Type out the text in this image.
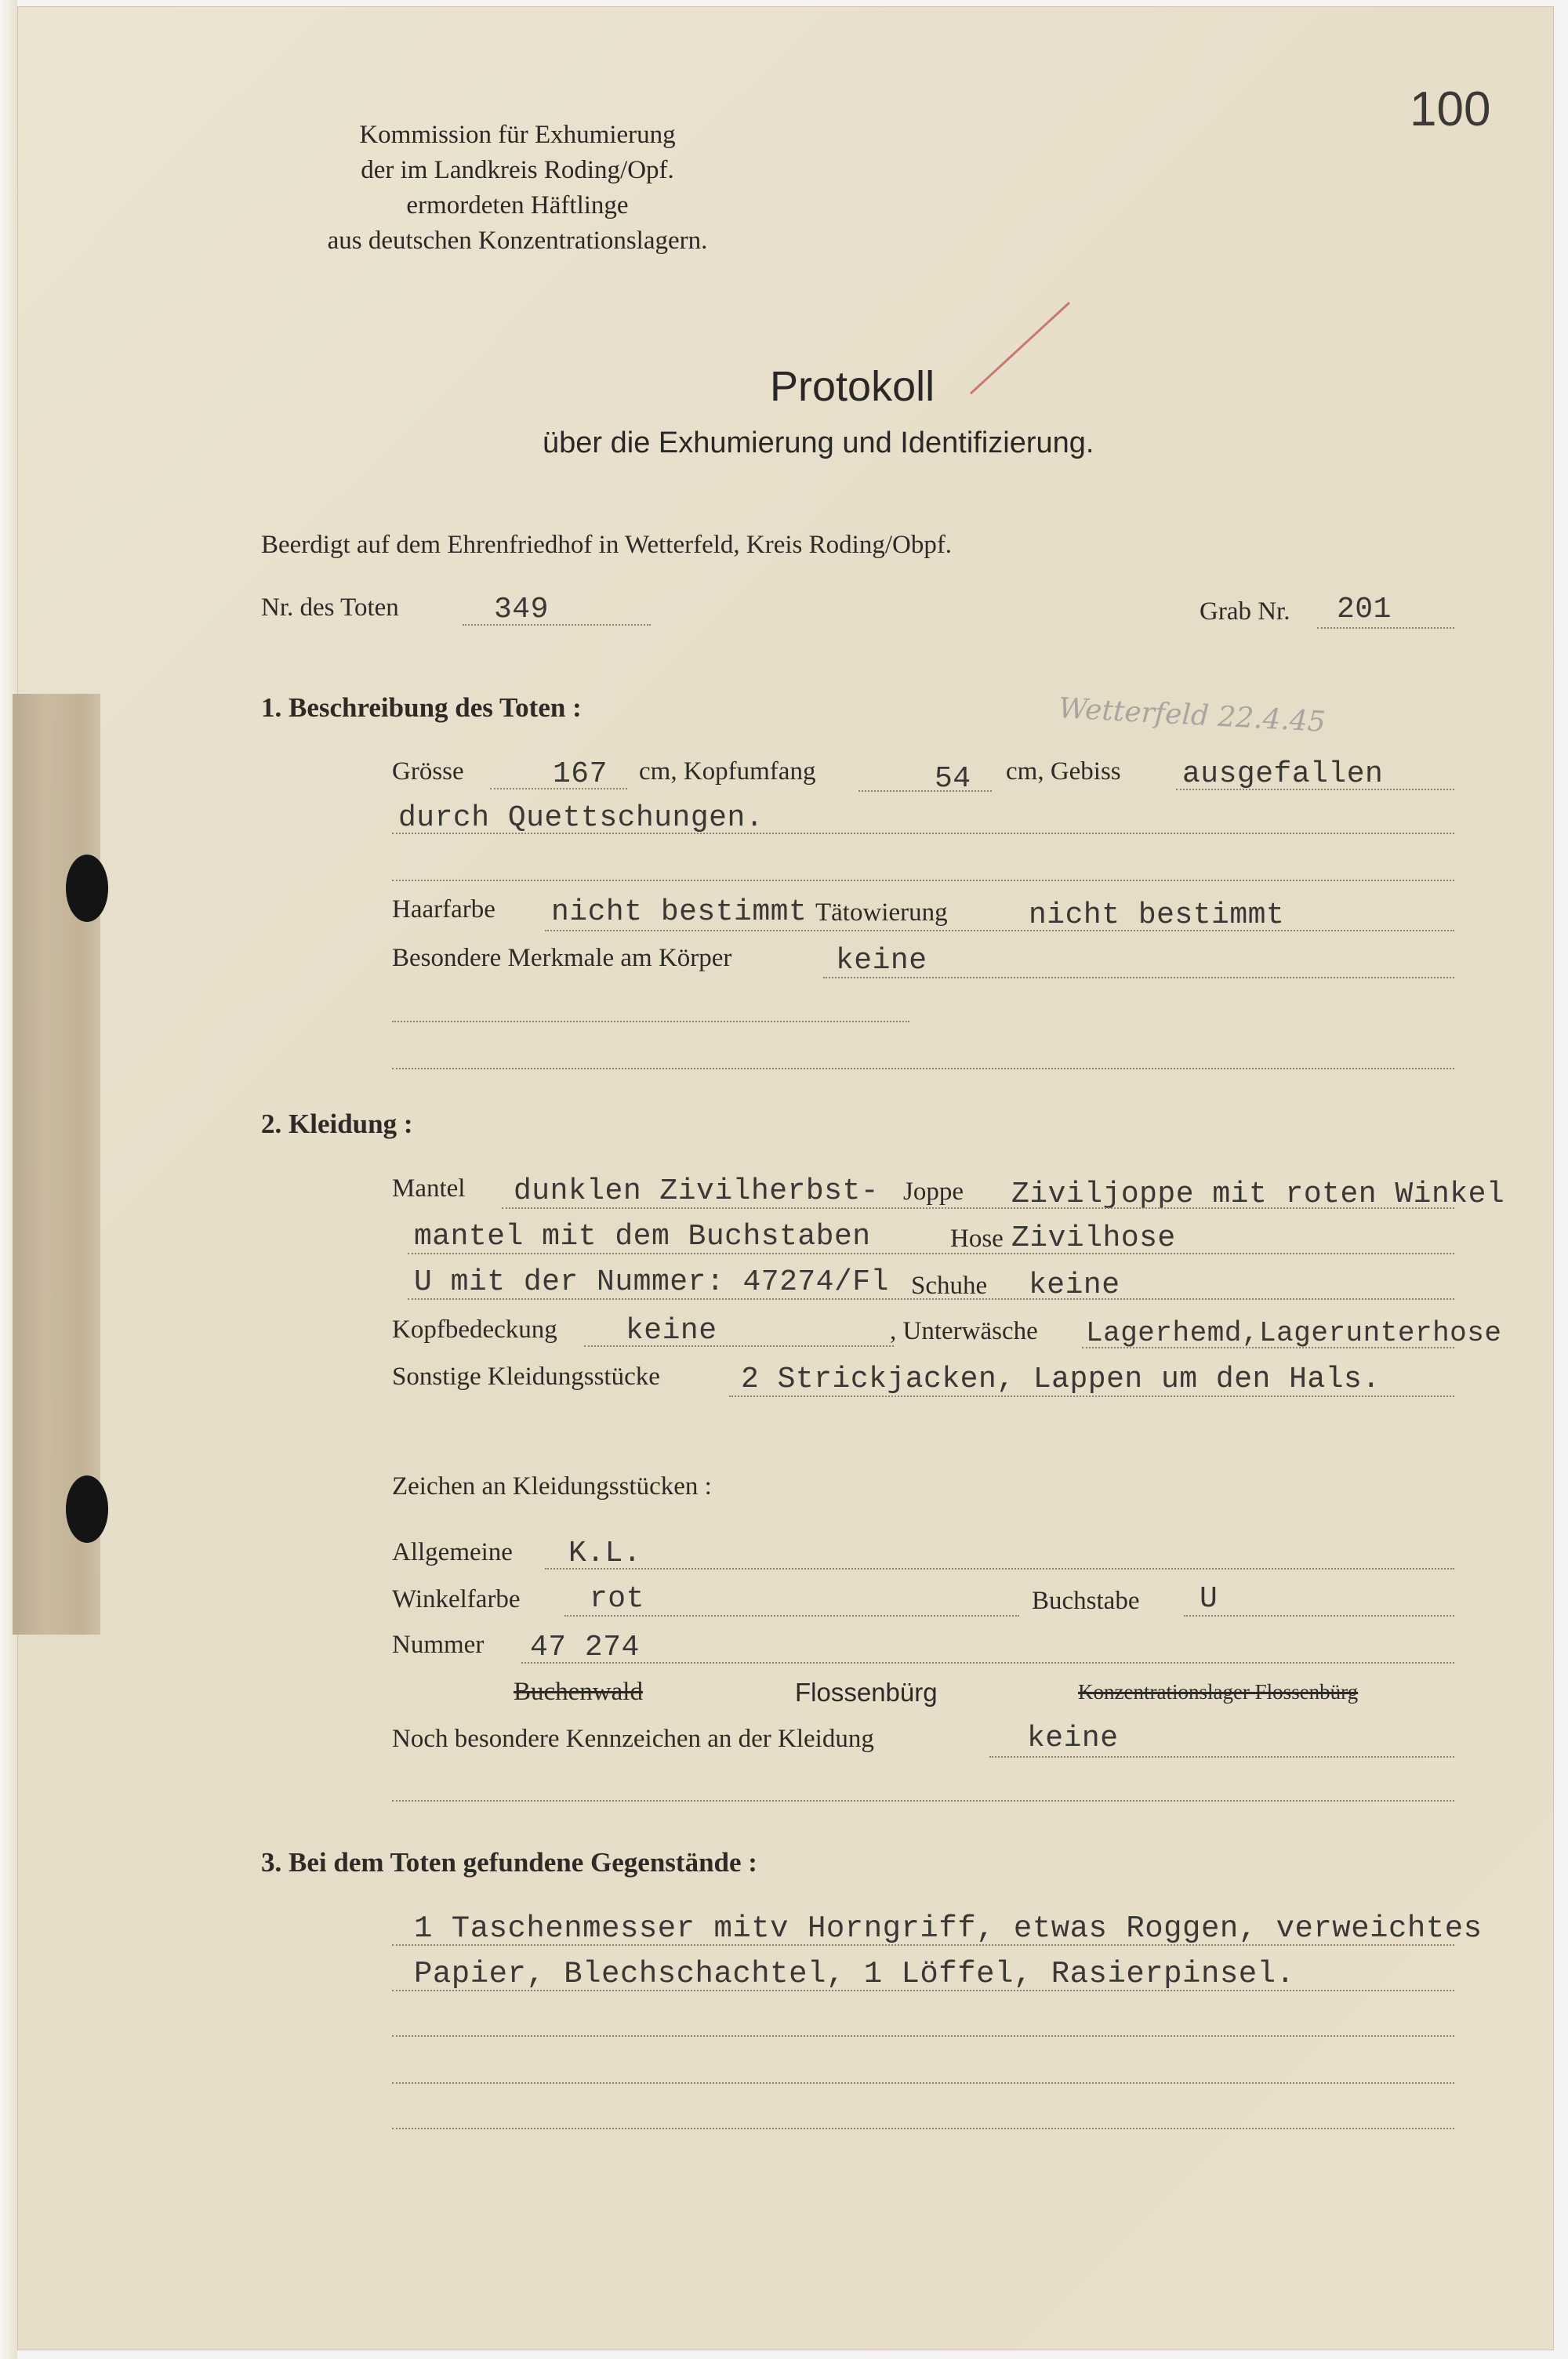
Kommission für Exhumierung
der im Landkreis Roding/Opf.
ermordeten Häftlinge
aus deutschen Konzentrationslagern.
100
Protokoll
über die Exhumierung und Identifizierung.
Beerdigt auf dem Ehrenfriedhof in Wetterfeld, Kreis Roding/Obpf.
Nr. des Toten	349	Grab Nr. 201
1. Beschreibung des Toten :	Wetterfeld 22.4.45
Grösse	167 cm, Kopfumfang	54 cm, Gebiss ausgefallen
durch Quettschungen.
Haarfarbe nicht bestimmt Tätowierung	nicht bestimmt
Besondere Merkmale am Körper	keine
2. Kleidung :
Mantel dunklen Zivilherbst- Joppe Ziviljoppe mit roten Winkel
mantel mit dem Buchstaben	Hose Zivilhose
U mit der Nummer: 47274/Fl Schuhe keine
Kopfbedeckung keine	, Unterwäsche Lagerhemd,Lagerunterhose
Sonstige Kleidungsstücke	2 Strickjacken, Lappen um den Hals.
Zeichen an Kleidungsstücken :
Allgemeine K.L.
Winkelfarbe rot	Buchstabe U
Nummer 47 274
Buchenwald	Flossenbürg	Konzentrationslager Flossenbürg
Noch besondere Kennzeichen an der Kleidung	keine
3. Bei dem Toten gefundene Gegenstände :
1 Taschenmesser mitv Horngriff, etwas Roggen, verweichtes
Papier, Blechschachtel, 1 Löffel, Rasierpinsel.
